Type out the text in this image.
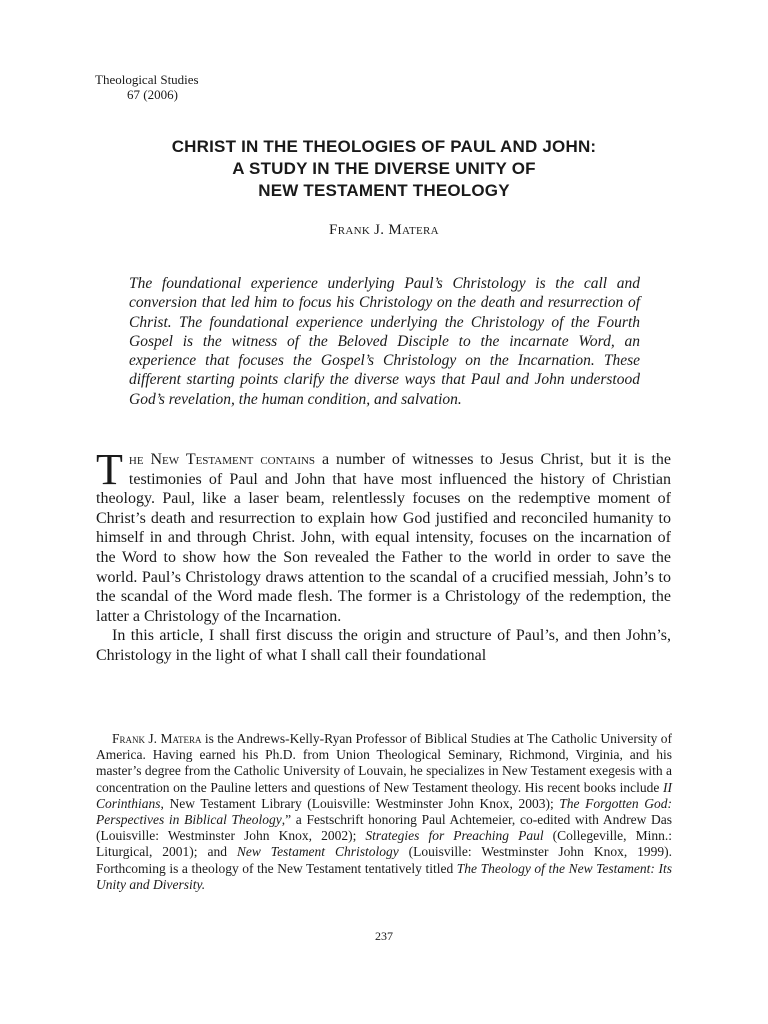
Theological Studies
67 (2006)
CHRIST IN THE THEOLOGIES OF PAUL AND JOHN:
A STUDY IN THE DIVERSE UNITY OF
NEW TESTAMENT THEOLOGY
Frank J. Matera

The foundational experience underlying Paul’s Christology is the call and conversion that led him to focus his Christology on the death and resurrection of Christ. The foundational experience underlying the Christology of the Fourth Gospel is the witness of the Beloved Disciple to the incarnate Word, an experience that focuses the Gospel’s Christology on the Incarnation. These different starting points clarify the diverse ways that Paul and John understood God’s revelation, the human condition, and salvation.

The New Testament contains a number of witnesses to Jesus Christ, but it is the testimonies of Paul and John that have most influenced the history of Christian theology. Paul, like a laser beam, relentlessly focuses on the redemptive moment of Christ’s death and resurrection to explain how God justified and reconciled humanity to himself in and through Christ. John, with equal intensity, focuses on the incarnation of the Word to show how the Son revealed the Father to the world in order to save the world. Paul’s Christology draws attention to the scandal of a crucified messiah, John’s to the scandal of the Word made flesh. The former is a Christology of the redemption, the latter a Christology of the Incarnation.

In this article, I shall first discuss the origin and structure of Paul’s, and then John’s, Christology in the light of what I shall call their foundational

Frank J. Matera is the Andrews-Kelly-Ryan Professor of Biblical Studies at The Catholic University of America. Having earned his Ph.D. from Union Theological Seminary, Richmond, Virginia, and his master’s degree from the Catholic University of Louvain, he specializes in New Testament exegesis with a concentration on the Pauline letters and questions of New Testament theology. His recent books include II Corinthians, New Testament Library (Louisville: Westminster John Knox, 2003); The Forgotten God: Perspectives in Biblical Theology,” a Festschrift honoring Paul Achtemeier, co-edited with Andrew Das (Louisville: Westminster John Knox, 2002); Strategies for Preaching Paul (Collegeville, Minn.: Liturgical, 2001); and New Testament Christology (Louisville: Westminster John Knox, 1999). Forthcoming is a theology of the New Testament tentatively titled The Theology of the New Testament: Its Unity and Diversity.

237
